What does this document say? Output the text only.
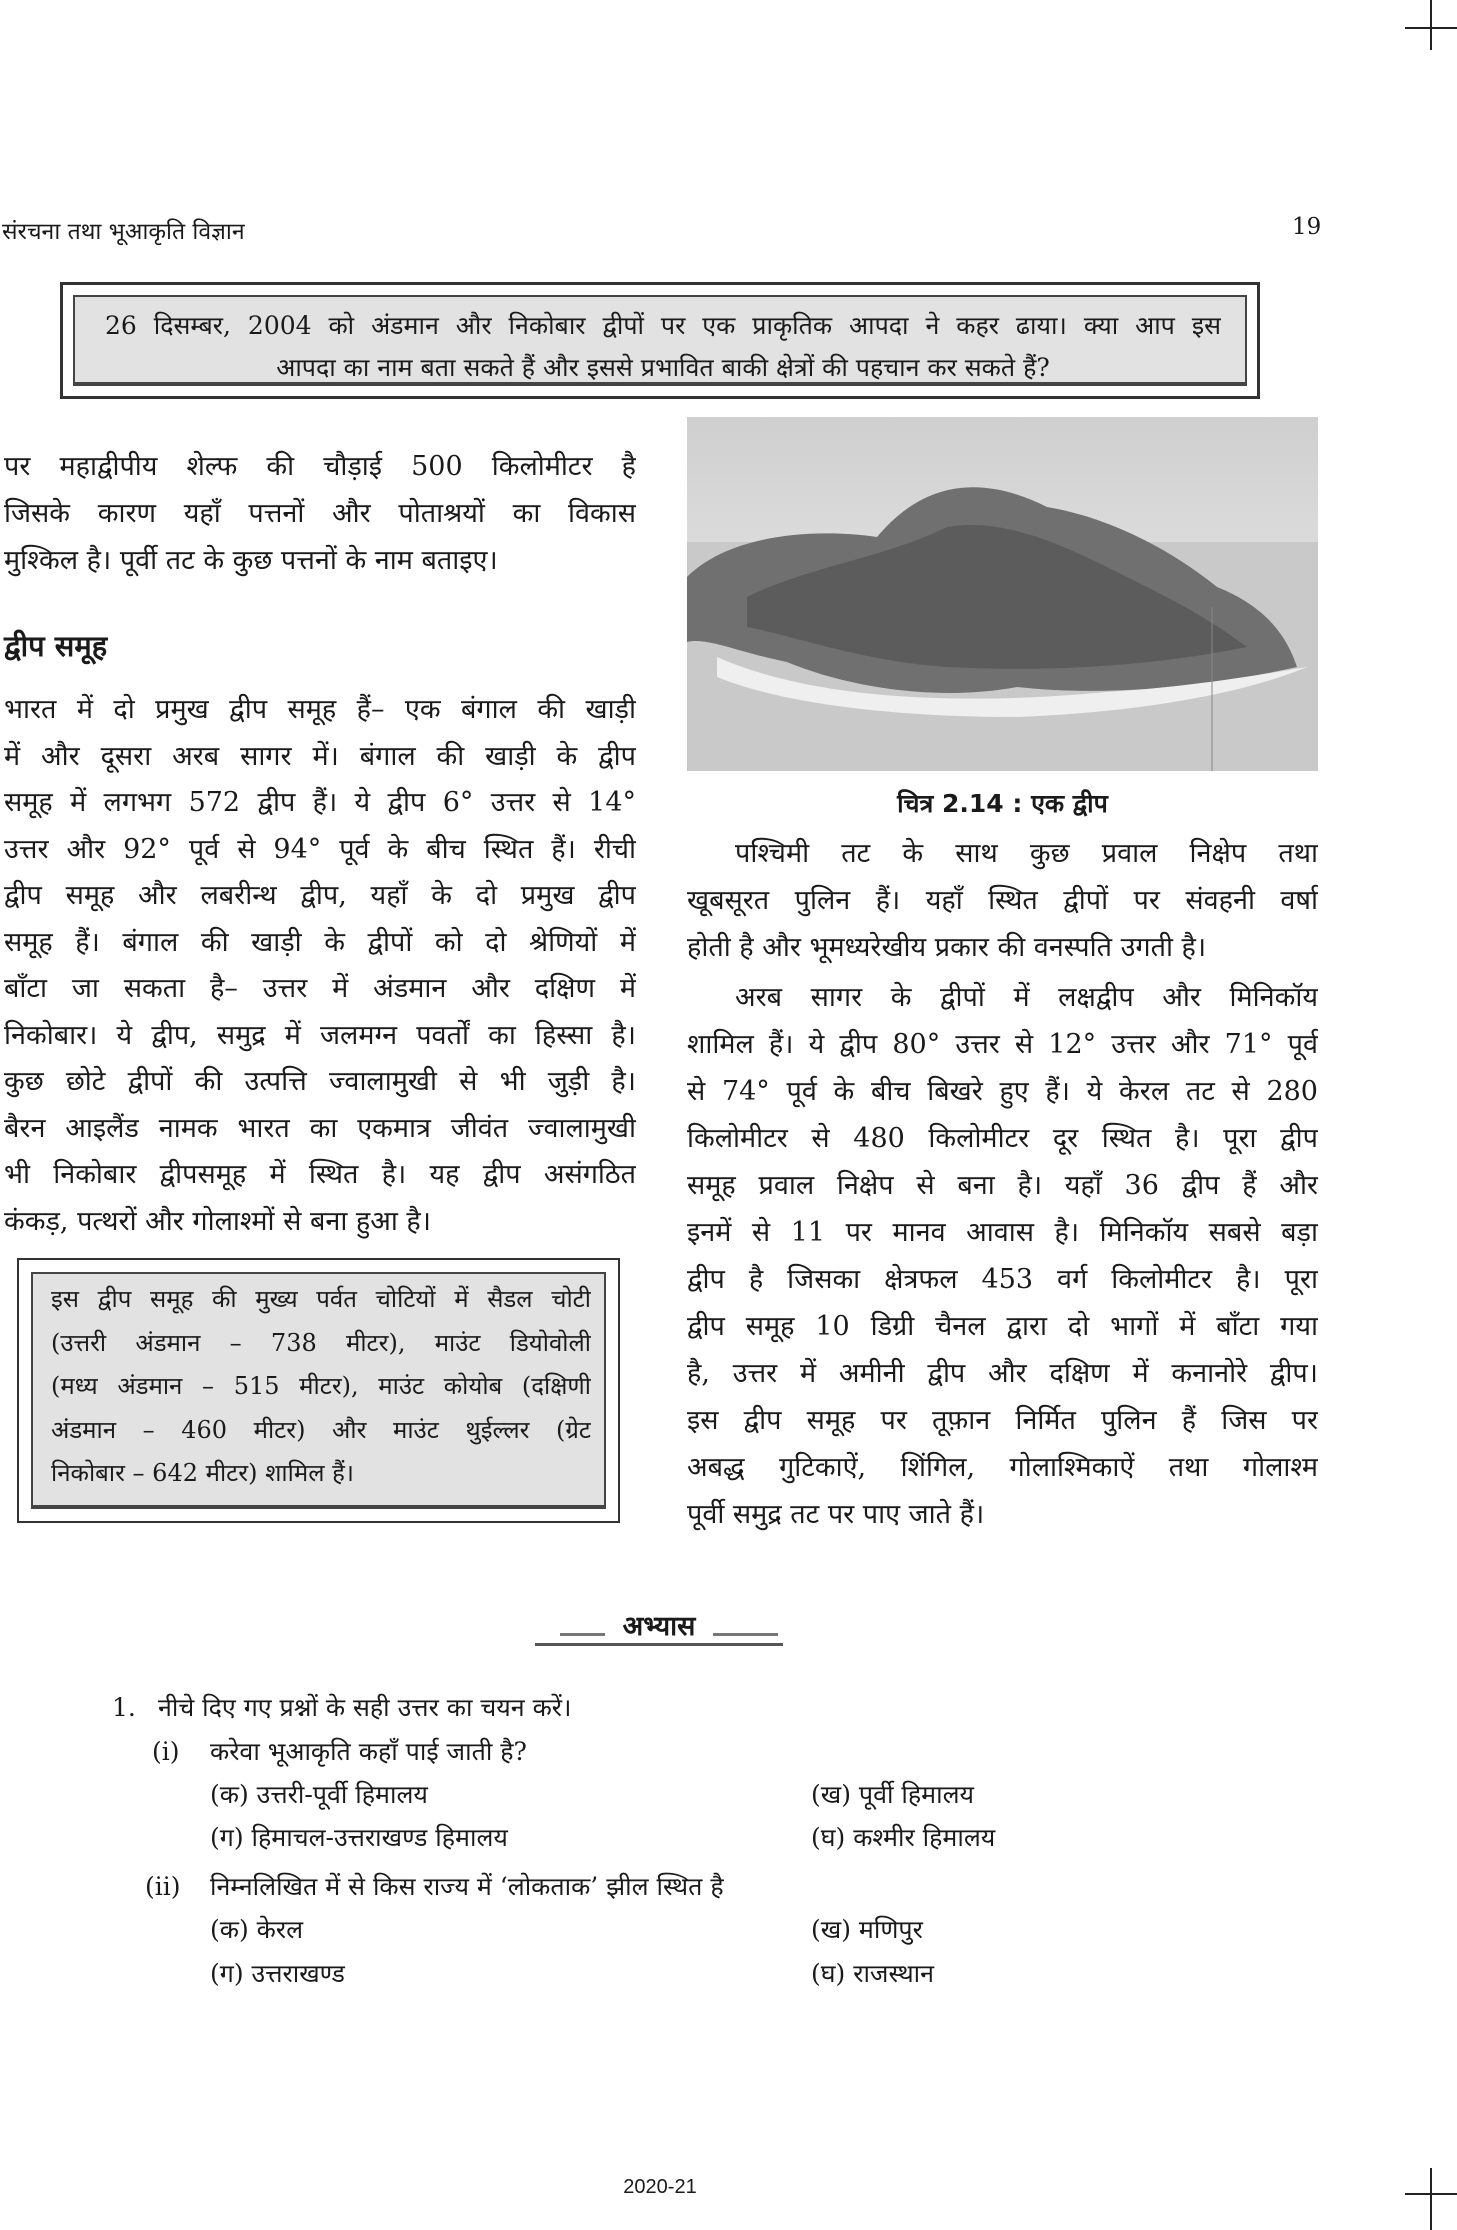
संरचना तथा भूआकृति विज्ञान	19
26 दिसम्बर, 2004 को अंडमान और निकोबार द्वीपों पर एक प्राकृतिक आपदा ने कहर ढाया। क्या आप इस
आपदा का नाम बता सकते हैं और इससे प्रभावित बाकी क्षेत्रों की पहचान कर सकते हैं?
पर महाद्वीपीय शेल्फ की चौड़ाई 500 किलोमीटर है
जिसके कारण यहाँ पत्तनों और पोताश्रयों का विकास
मुश्किल है। पूर्वी तट के कुछ पत्तनों के नाम बताइए।
द्वीप समूह
भारत में दो प्रमुख द्वीप समूह हैं– एक बंगाल की खाड़ी
में और दूसरा अरब सागर में। बंगाल की खाड़ी के द्वीप
समूह में लगभग 572 द्वीप हैं। ये द्वीप 6° उत्तर से 14°
उत्तर और 92° पूर्व से 94° पूर्व के बीच स्थित हैं। रीची
द्वीप समूह और लबरीन्थ द्वीप, यहाँ के दो प्रमुख द्वीप
समूह हैं। बंगाल की खाड़ी के द्वीपों को दो श्रेणियों में
बाँटा जा सकता है– उत्तर में अंडमान और दक्षिण में
निकोबार। ये द्वीप, समुद्र में जलमग्न पवर्तों का हिस्सा है।
कुछ छोटे द्वीपों की उत्पत्ति ज्वालामुखी से भी जुड़ी है।
बैरन आइलैंड नामक भारत का एकमात्र जीवंत ज्वालामुखी
भी निकोबार द्वीपसमूह में स्थित है। यह द्वीप असंगठित
कंकड़, पत्थरों और गोलाश्मों से बना हुआ है।
इस द्वीप समूह की मुख्य पर्वत चोटियों में सैडल चोटी
(उत्तरी अंडमान – 738 मीटर), माउंट डियोवोली
(मध्य अंडमान – 515 मीटर), माउंट कोयोब (दक्षिणी
अंडमान – 460 मीटर) और माउंट थुईल्लर (ग्रेट
निकोबार – 642 मीटर) शामिल हैं।
चित्र 2.14 : एक द्वीप
पश्चिमी तट के साथ कुछ प्रवाल निक्षेप तथा
खूबसूरत पुलिन हैं। यहाँ स्थित द्वीपों पर संवहनी वर्षा
होती है और भूमध्यरेखीय प्रकार की वनस्पति उगती है।
अरब सागर के द्वीपों में लक्षद्वीप और मिनिकॉय
शामिल हैं। ये द्वीप 80° उत्तर से 12° उत्तर और 71° पूर्व
से 74° पूर्व के बीच बिखरे हुए हैं। ये केरल तट से 280
किलोमीटर से 480 किलोमीटर दूर स्थित है। पूरा द्वीप
समूह प्रवाल निक्षेप से बना है। यहाँ 36 द्वीप हैं और
इनमें से 11 पर मानव आवास है। मिनिकॉय सबसे बड़ा
द्वीप है जिसका क्षेत्रफल 453 वर्ग किलोमीटर है। पूरा
द्वीप समूह 10 डिग्री चैनल द्वारा दो भागों में बाँटा गया
है, उत्तर में अमीनी द्वीप और दक्षिण में कनानोरे द्वीप।
इस द्वीप समूह पर तूफ़ान निर्मित पुलिन हैं जिस पर
अबद्ध गुटिकाऐं, शिंगिल, गोलाश्मिकाऐं तथा गोलाश्म
पूर्वी समुद्र तट पर पाए जाते हैं।
अभ्यास
1. नीचे दिए गए प्रश्नों के सही उत्तर का चयन करें।
(i) करेवा भूआकृति कहाँ पाई जाती है?
(क) उत्तरी-पूर्वी हिमालय	(ख) पूर्वी हिमालय
(ग) हिमाचल-उत्तराखण्ड हिमालय	(घ) कश्मीर हिमालय
(ii) निम्नलिखित में से किस राज्य में ‘लोकताक’ झील स्थित है
(क) केरल	(ख) मणिपुर
(ग) उत्तराखण्ड	(घ) राजस्थान
2020-21
